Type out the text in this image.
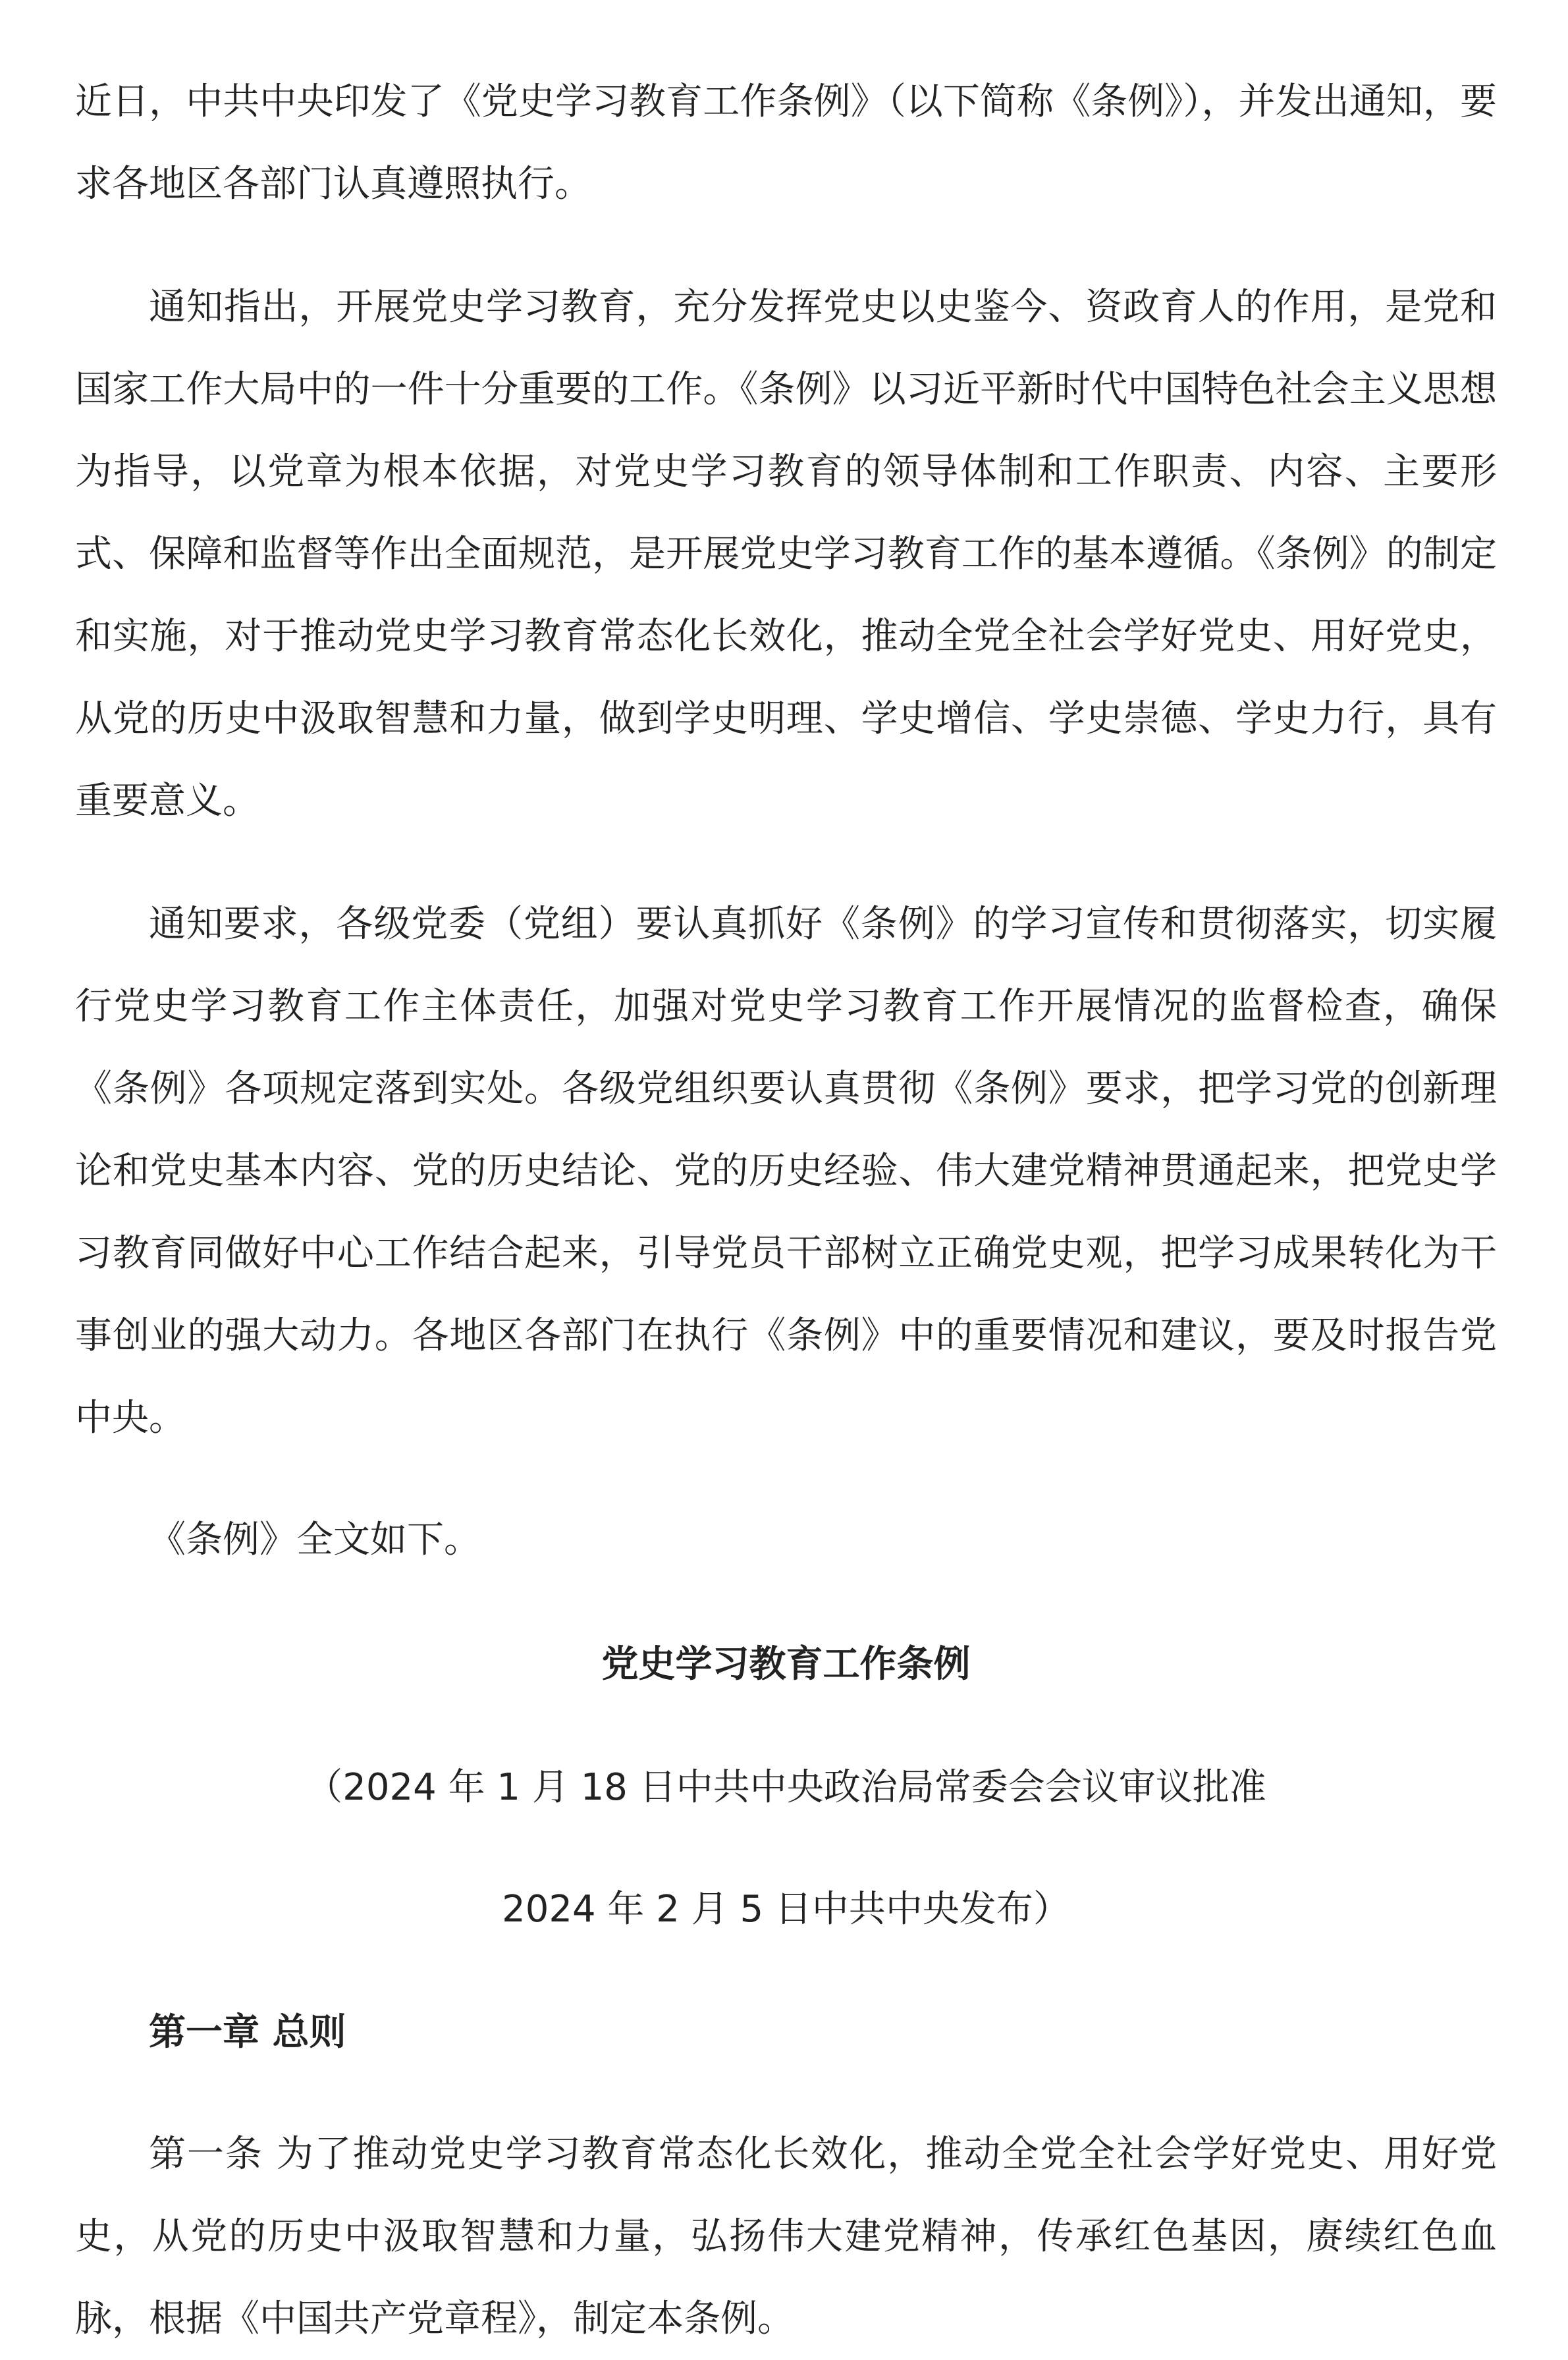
近日，中共中央印发了《党史学习教育工作条例》（以下简称《条例》），并发出通知，要求各地区各部门认真遵照执行。

通知指出，开展党史学习教育，充分发挥党史以史鉴今、资政育人的作用，是党和国家工作大局中的一件十分重要的工作。《条例》以习近平新时代中国特色社会主义思想为指导，以党章为根本依据，对党史学习教育的领导体制和工作职责、内容、主要形式、保障和监督等作出全面规范，是开展党史学习教育工作的基本遵循。《条例》的制定和实施，对于推动党史学习教育常态化长效化，推动全党全社会学好党史、用好党史，从党的历史中汲取智慧和力量，做到学史明理、学史增信、学史崇德、学史力行，具有重要意义。

通知要求，各级党委（党组）要认真抓好《条例》的学习宣传和贯彻落实，切实履行党史学习教育工作主体责任，加强对党史学习教育工作开展情况的监督检查，确保《条例》各项规定落到实处。各级党组织要认真贯彻《条例》要求，把学习党的创新理论和党史基本内容、党的历史结论、党的历史经验、伟大建党精神贯通起来，把党史学习教育同做好中心工作结合起来，引导党员干部树立正确党史观，把学习成果转化为干事创业的强大动力。各地区各部门在执行《条例》中的重要情况和建议，要及时报告党中央。

《条例》全文如下。

党史学习教育工作条例

（2024 年 1 月 18 日中共中央政治局常委会会议审议批准

2024 年 2 月 5 日中共中央发布）

第一章 总则

第一条 为了推动党史学习教育常态化长效化，推动全党全社会学好党史、用好党史，从党的历史中汲取智慧和力量，弘扬伟大建党精神，传承红色基因，赓续红色血脉，根据《中国共产党章程》，制定本条例。
